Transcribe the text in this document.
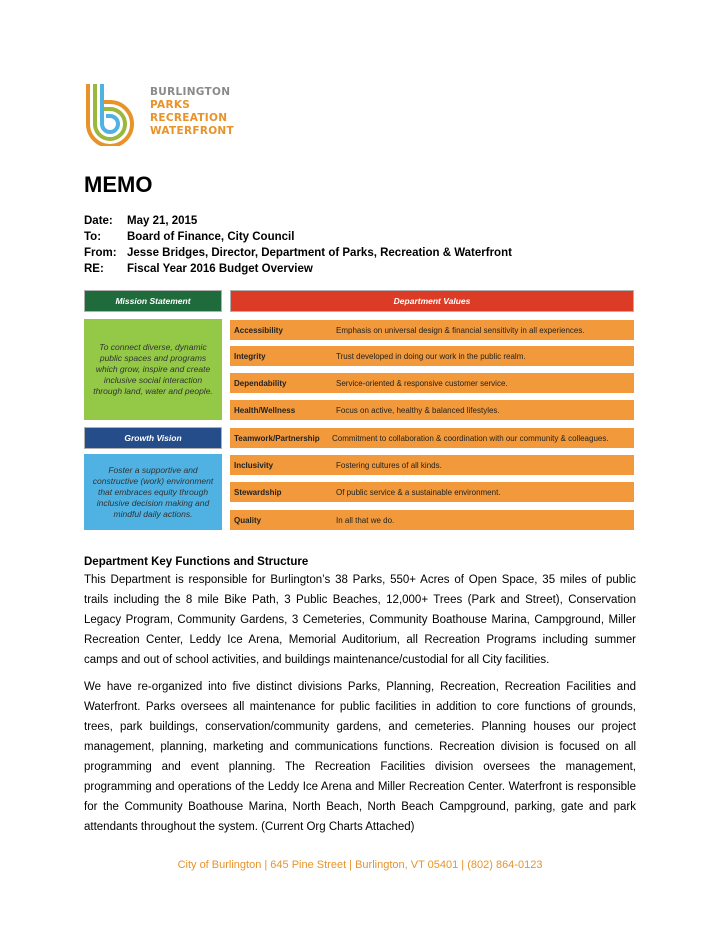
BURLINGTON
PARKS
RECREATION
WATERFRONT
MEMO
Date:	May 21, 2015
To:	Board of Finance, City Council
From: Jesse Bridges, Director, Department of Parks, Recreation & Waterfront
RE:	Fiscal Year 2016 Budget Overview
Mission Statement
To connect diverse, dynamic public spaces and programs which grow, inspire and create inclusive social interaction through land, water and people.
Growth Vision
Foster a supportive and constructive (work) environment that embraces equity through inclusive decision making and mindful daily actions.
Department Values
Accessibility	Emphasis on universal design & financial sensitivity in all experiences.
Integrity	Trust developed in doing our work in the public realm.
Dependability	Service-oriented & responsive customer service.
Health/Wellness	Focus on active, healthy & balanced lifestyles.
Teamwork/Partnership	Commitment to collaboration & coordination with our community & colleagues.
Inclusivity	Fostering cultures of all kinds.
Stewardship	Of public service & a sustainable environment.
Quality	In all that we do.
Department Key Functions and Structure

This Department is responsible for Burlington’s 38 Parks, 550+ Acres of Open Space, 35 miles of public trails including the 8 mile Bike Path, 3 Public Beaches, 12,000+ Trees (Park and Street), Conservation Legacy Program, Community Gardens, 3 Cemeteries, Community Boathouse Marina, Campground, Miller Recreation Center, Leddy Ice Arena, Memorial Auditorium, all Recreation Programs including summer camps and out of school activities, and buildings maintenance/custodial for all City facilities.

We have re-organized into five distinct divisions Parks, Planning, Recreation, Recreation Facilities and Waterfront. Parks oversees all maintenance for public facilities in addition to core functions of grounds, trees, park buildings, conservation/community gardens, and cemeteries. Planning houses our project management, planning, marketing and communications functions. Recreation division is focused on all programming and event planning. The Recreation Facilities division oversees the management, programming and operations of the Leddy Ice Arena and Miller Recreation Center. Waterfront is responsible for the Community Boathouse Marina, North Beach, North Beach Campground, parking, gate and park attendants throughout the system. (Current Org Charts Attached)

City of Burlington | 645 Pine Street | Burlington, VT 05401 | (802) 864-0123
